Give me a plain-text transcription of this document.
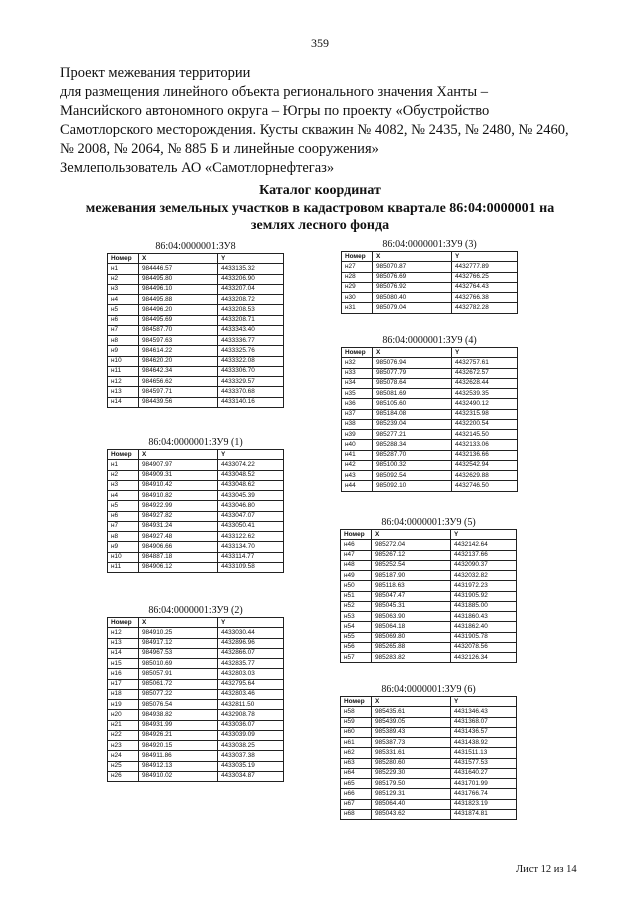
359
Проект межевания территории
для размещения линейного объекта регионального значения Ханты –
Мансийского автономного округа – Югры по проекту «Обустройство
Самотлорского месторождения. Кусты скважин № 4082, № 2435, № 2480, № 2460,
№ 2008, № 2064, № 885 Б и линейные сооружения»
Землепользователь АО «Самотлорнефтегаз»
Каталог координат
межевания земельных участков в кадастровом квартале 86:04:0000001 на
землях лесного фонда
86:04:0000001:ЗУ8
Номер	X	Y
н1	984446.57	4433135.32
н2	984495.80	4433206.90
н3	984496.10	4433207.04
н4	984495.88	4433208.72
н5	984496.20	4433208.53
н6	984495.69	4433208.71
н7	984587.70	4433343.40
н8	984597.63	4433336.77
н9	984614.22	4433325.76
н10	984620.20	4433322.08
н11	984642.34	4433306.70
н12	984656.62	4433329.57
н13	984597.71	4433370.68
н14	984439.56	4433140.16
86:04:0000001:ЗУ9 (1)
Номер	X	Y
н1	984907.97	4433074.22
н2	984909.31	4433048.52
н3	984910.42	4433048.62
н4	984910.82	4433045.39
н5	984922.99	4433046.80
н6	984927.82	4433047.07
н7	984931.24	4433050.41
н8	984927.48	4433122.62
н9	984906.66	4433134.70
н10	984887.18	4433114.77
н11	984906.12	4433109.58
86:04:0000001:ЗУ9 (2)
Номер	X	Y
н12	984910.25	4433030.44
н13	984917.12	4432896.96
н14	984967.53	4432866.07
н15	985010.69	4432835.77
н16	985057.91	4432803.03
н17	985061.72	4432795.64
н18	985077.22	4432803.46
н19	985076.54	4432811.50
н20	984938.82	4432908.78
н21	984931.99	4433036.07
н22	984926.21	4433039.09
н23	984920.15	4433038.25
н24	984911.86	4433037.38
н25	984912.13	4433035.19
н26	984910.02	4433034.87
86:04:0000001:ЗУ9 (3)
Номер	X	Y
н27	985070.87	4432777.89
н28	985076.69	4432766.25
н29	985076.92	4432764.43
н30	985080.40	4432766.38
н31	985079.04	4432782.28
86:04:0000001:ЗУ9 (4)
Номер	X	Y
н32	985076.94	4432757.61
н33	985077.79	4432672.57
н34	985078.64	4432628.44
н35	985081.69	4432539.35
н36	985105.60	4432490.12
н37	985184.08	4432315.98
н38	985239.04	4432200.54
н39	985277.21	4432145.50
н40	985288.34	4432133.06
н41	985287.70	4432136.66
н42	985100.32	4432542.94
н43	985092.54	4432629.88
н44	985092.10	4432746.50
86:04:0000001:ЗУ9 (5)
Номер	X	Y
н46	985272.04	4432142.64
н47	985267.12	4432137.66
н48	985252.54	4432090.37
н49	985187.90	4432032.82
н50	985118.63	4431972.23
н51	985047.47	4431905.92
н52	985045.31	4431885.00
н53	985063.90	4431860.43
н54	985064.18	4431862.40
н55	985069.80	4431905.78
н56	985265.88	4432078.56
н57	985283.82	4432126.34
86:04:0000001:ЗУ9 (6)
Номер	X	Y
н58	985435.61	4431346.43
н59	985439.05	4431368.07
н60	985389.43	4431436.57
н61	985387.73	4431438.92
н62	985331.61	4431511.13
н63	985280.60	4431577.53
н64	985229.30	4431640.27
н65	985179.50	4431701.99
н66	985129.31	4431766.74
н67	985064.40	4431823.19
н68	985043.62	4431874.81
Лист 12 из 14
